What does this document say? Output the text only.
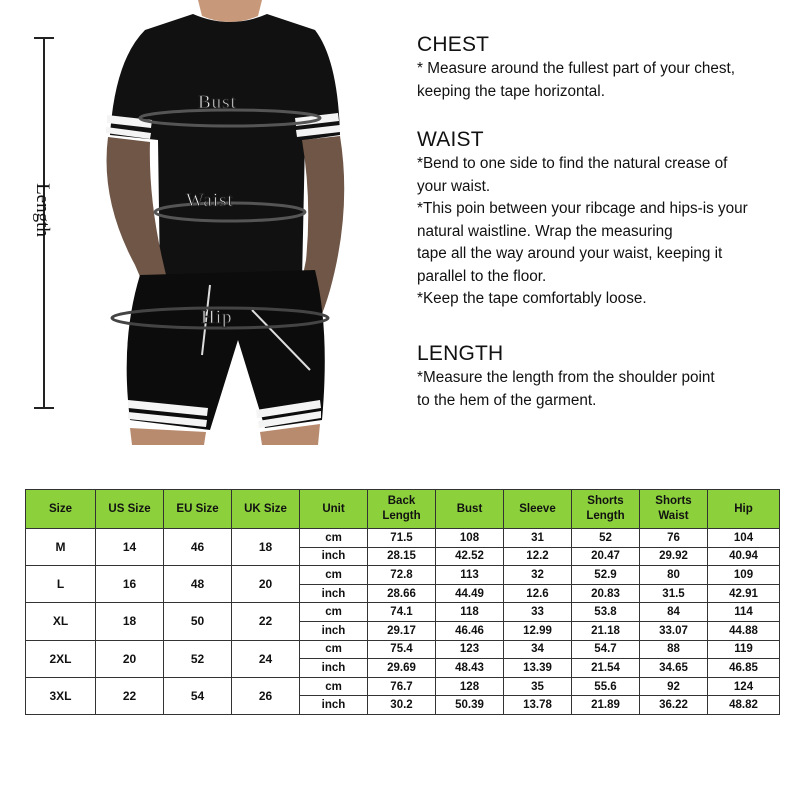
Length
Bust
Waist
Hip
CHEST

* Measure around the fullest part of your chest,

keeping the tape horizontal.

WAIST

*Bend to one side to find the natural crease of

your waist.

*This poin between your ribcage and hips-is your

natural waistline. Wrap the measuring

tape all the way around your waist, keeping it

parallel to the floor.

*Keep the tape comfortably loose.

LENGTH

*Measure the length from the shoulder point

to the hem of the garment.

Size	US Size	EU Size	UK Size	Unit	Back Length	Bust	Sleeve	Shorts Length	Shorts Waist	Hip
M	14	46	18	cm	71.5	108	31	52	76	104
				inch	28.15	42.52	12.2	20.47	29.92	40.94
L	16	48	20	cm	72.8	113	32	52.9	80	109
				inch	28.66	44.49	12.6	20.83	31.5	42.91
XL	18	50	22	cm	74.1	118	33	53.8	84	114
				inch	29.17	46.46	12.99	21.18	33.07	44.88
2XL	20	52	24	cm	75.4	123	34	54.7	88	119
				inch	29.69	48.43	13.39	21.54	34.65	46.85
3XL	22	54	26	cm	76.7	128	35	55.6	92	124
				inch	30.2	50.39	13.78	21.89	36.22	48.82
